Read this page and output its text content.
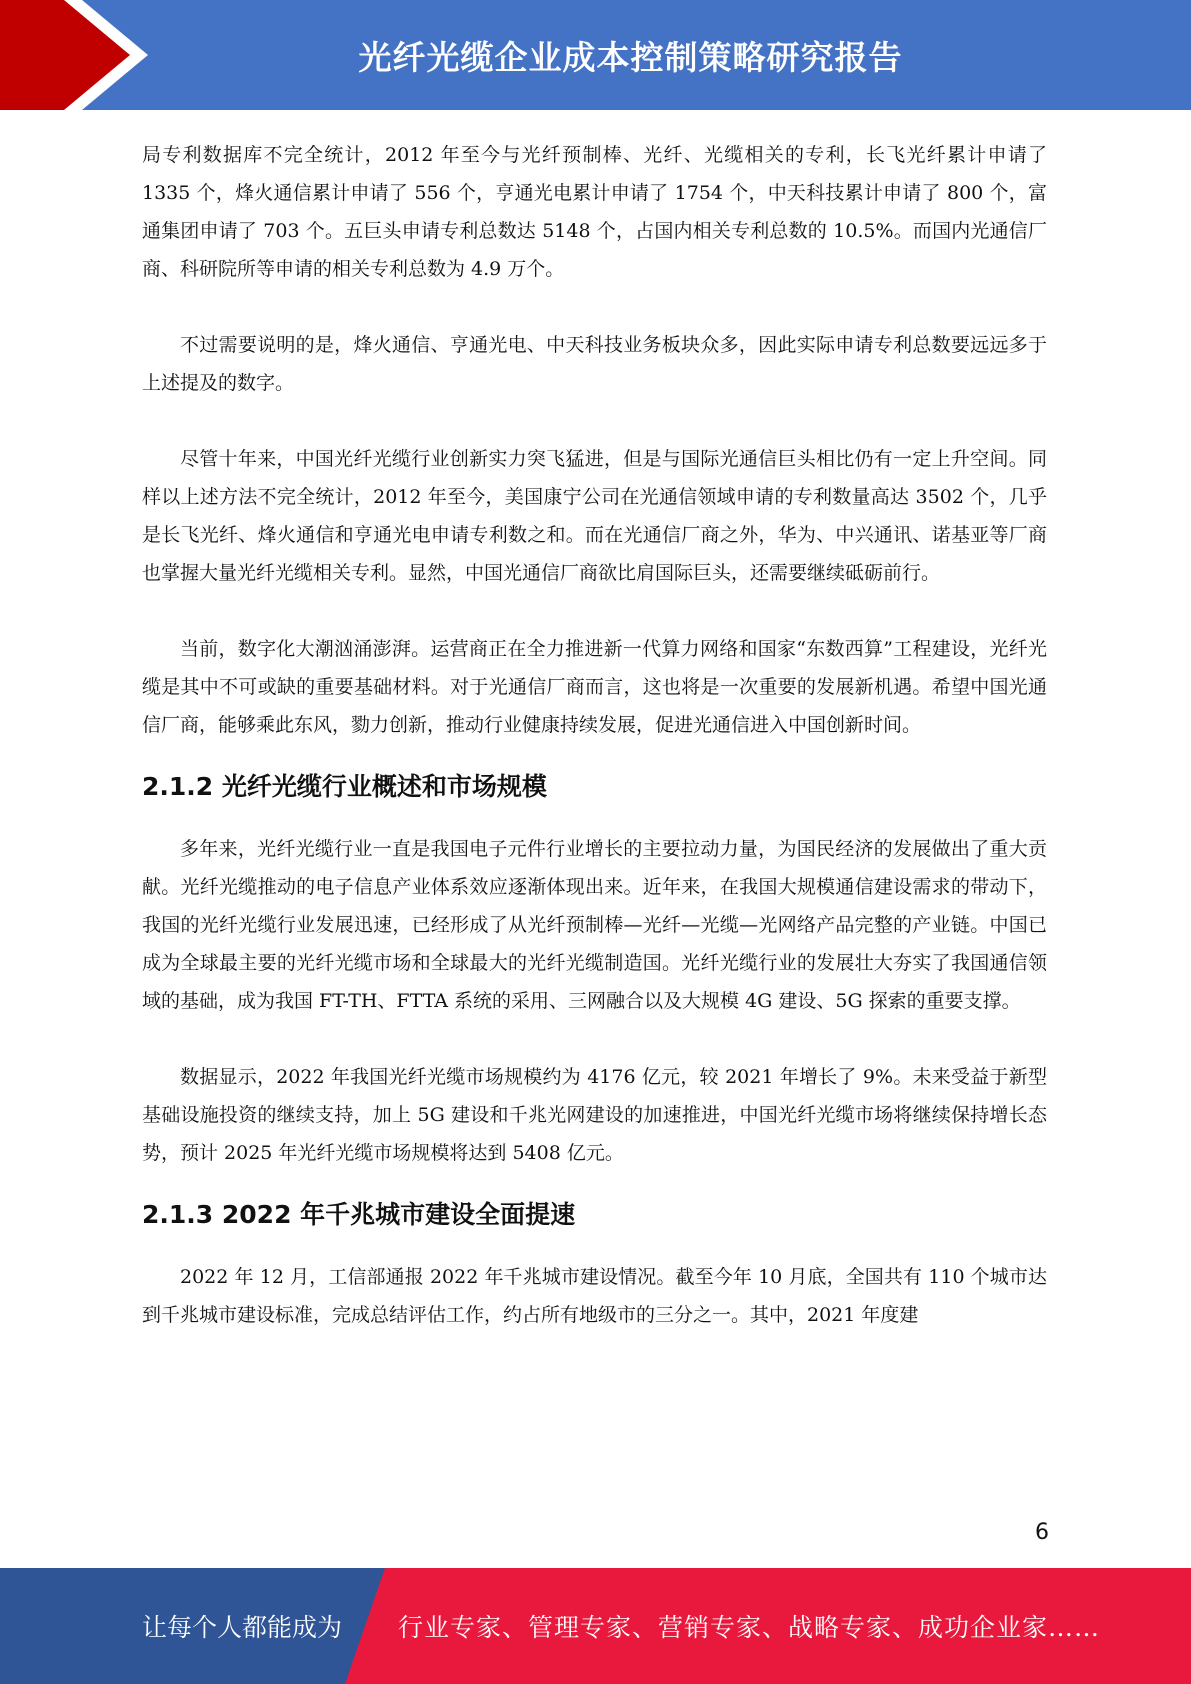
光纤光缆企业成本控制策略研究报告

局专利数据库不完全统计，2012 年至今与光纤预制棒、光纤、光缆相关的专利，长飞光纤累计申请了 1335 个，烽火通信累计申请了 556 个，亨通光电累计申请了 1754 个，中天科技累计申请了 800 个，富通集团申请了 703 个。五巨头申请专利总数达 5148 个，占国内相关专利总数的 10.5%。而国内光通信厂商、科研院所等申请的相关专利总数为 4.9 万个。

不过需要说明的是，烽火通信、亨通光电、中天科技业务板块众多，因此实际申请专利总数要远远多于上述提及的数字。

尽管十年来，中国光纤光缆行业创新实力突飞猛进，但是与国际光通信巨头相比仍有一定上升空间。同样以上述方法不完全统计，2012 年至今，美国康宁公司在光通信领域申请的专利数量高达 3502 个，几乎是长飞光纤、烽火通信和亨通光电申请专利数之和。而在光通信厂商之外，华为、中兴通讯、诺基亚等厂商也掌握大量光纤光缆相关专利。显然，中国光通信厂商欲比肩国际巨头，还需要继续砥砺前行。

当前，数字化大潮汹涌澎湃。运营商正在全力推进新一代算力网络和国家“东数西算”工程建设，光纤光缆是其中不可或缺的重要基础材料。对于光通信厂商而言，这也将是一次重要的发展新机遇。希望中国光通信厂商，能够乘此东风，勠力创新，推动行业健康持续发展，促进光通信进入中国创新时间。

2.1.2 光纤光缆行业概述和市场规模

多年来，光纤光缆行业一直是我国电子元件行业增长的主要拉动力量，为国民经济的发展做出了重大贡献。光纤光缆推动的电子信息产业体系效应逐渐体现出来。近年来，在我国大规模通信建设需求的带动下，我国的光纤光缆行业发展迅速，已经形成了从光纤预制棒—光纤—光缆—光网络产品完整的产业链。中国已成为全球最主要的光纤光缆市场和全球最大的光纤光缆制造国。光纤光缆行业的发展壮大夯实了我国通信领域的基础，成为我国 FT-TH、FTTA 系统的采用、三网融合以及大规模 4G 建设、5G 探索的重要支撑。

数据显示，2022 年我国光纤光缆市场规模约为 4176 亿元，较 2021 年增长了 9%。未来受益于新型基础设施投资的继续支持，加上 5G 建设和千兆光网建设的加速推进，中国光纤光缆市场将继续保持增长态势，预计 2025 年光纤光缆市场规模将达到 5408 亿元。

2.1.3 2022 年千兆城市建设全面提速

2022 年 12 月，工信部通报 2022 年千兆城市建设情况。截至今年 10 月底，全国共有 110 个城市达到千兆城市建设标准，完成总结评估工作，约占所有地级市的三分之一。其中，2021 年度建

6
让每个人都能成为 行业专家、管理专家、营销专家、战略专家、成功企业家……
